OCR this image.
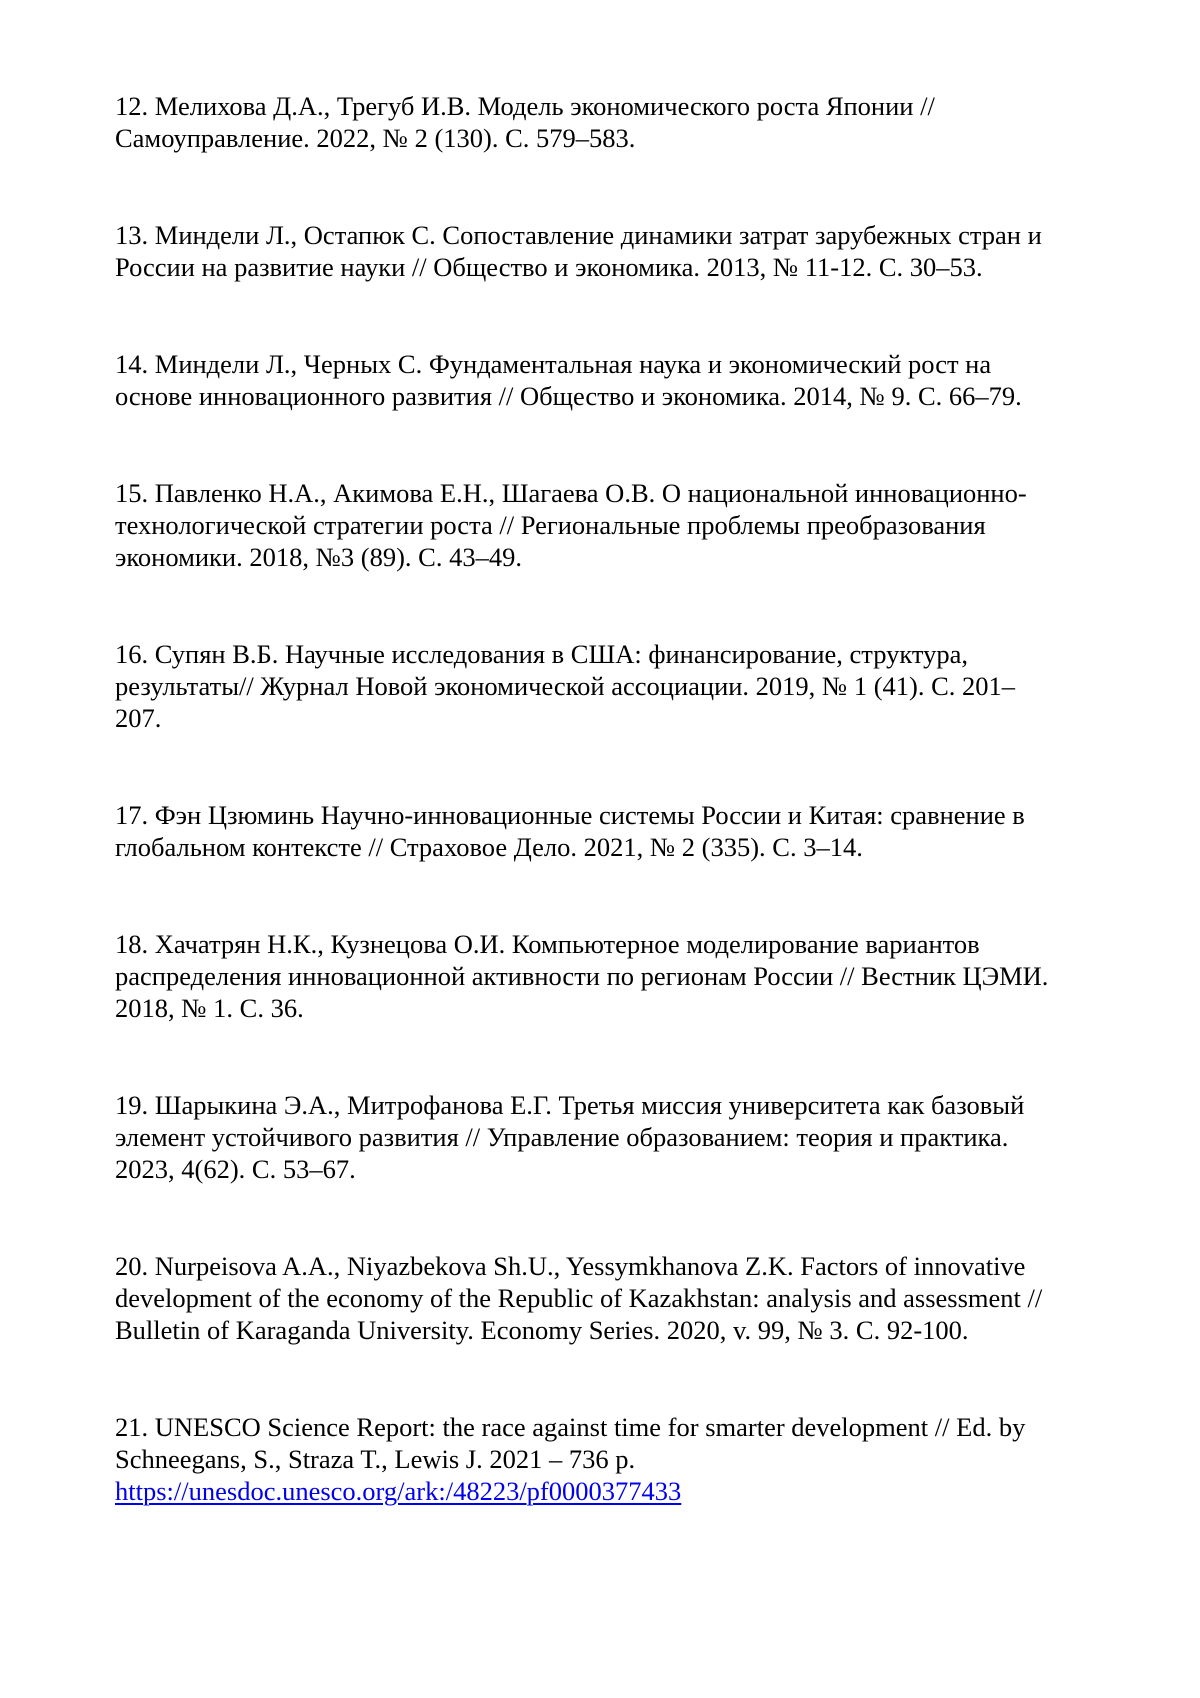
12. Мелихова Д.А., Трегуб И.В. Модель экономического роста Японии //
Самоуправление. 2022, № 2 (130). С. 579–583.

13. Миндели Л., Остапюк С. Сопоставление динамики затрат зарубежных стран и
России на развитие науки // Общество и экономика. 2013, № 11-12. С. 30–53.

14. Миндели Л., Черных С. Фундаментальная наука и экономический рост на
основе инновационного развития // Общество и экономика. 2014, № 9. С. 66–79.

15. Павленко Н.А., Акимова Е.Н., Шагаева О.В. О национальной инновационно-
технологической стратегии роста // Региональные проблемы преобразования
экономики. 2018, №3 (89). С. 43–49.

16. Супян В.Б. Научные исследования в США: финансирование, структура,
результаты// Журнал Новой экономической ассоциации. 2019, № 1 (41). С. 201–
207.

17. Фэн Цзюминь Научно-инновационные системы России и Китая: сравнение в
глобальном контексте // Страховое Дело. 2021, № 2 (335). С. 3–14.

18. Хачатрян Н.К., Кузнецова О.И. Компьютерное моделирование вариантов
распределения инновационной активности по регионам России // Вестник ЦЭМИ.
2018, № 1. С. 36.

19. Шарыкина Э.А., Митрофанова Е.Г. Третья миссия университета как базовый
элемент устойчивого развития // Управление образованием: теория и практика.
2023, 4(62). С. 53–67.

20. Nurpeisova A.A., Niyazbekova Sh.U., Yessymkhanova Z.K. Factors of innovative
development of the economy of the Republic of Kazakhstan: analysis and assessment //
Bulletin of Karaganda University. Economy Series. 2020, v. 99, № 3. С. 92-100.

21. UNESCO Science Report: the race against time for smarter development // Ed. by
Schneegans, S., Straza T., Lewis J. 2021 – 736 p.

https://unesdoc.unesco.org/ark:/48223/pf0000377433
